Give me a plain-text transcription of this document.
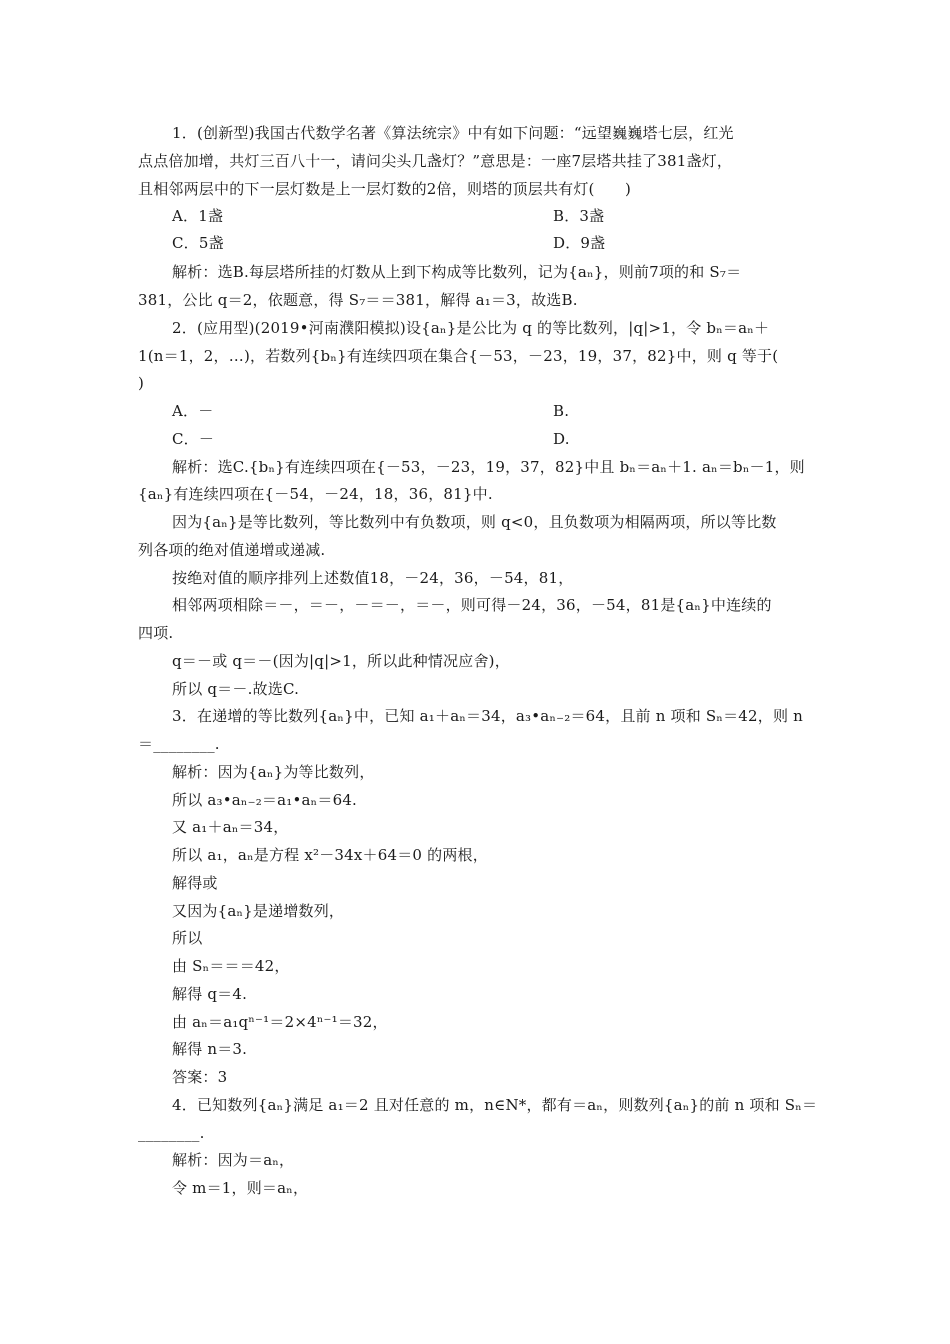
1．(创新型)我国古代数学名著《算法统宗》中有如下问题：“远望巍巍塔七层，红光
点点倍加增，共灯三百八十一，请问尖头几盏灯？”意思是：一座7层塔共挂了381盏灯，
且相邻两层中的下一层灯数是上一层灯数的2倍，则塔的顶层共有灯(　　)
A．1盏	B．3盏
C．5盏	D．9盏
解析：选B.每层塔所挂的灯数从上到下构成等比数列，记为{aₙ}，则前7项的和 S₇＝
381，公比 q＝2，依题意，得 S₇＝＝381，解得 a₁＝3，故选B.
2．(应用型)(2019•河南濮阳模拟)设{aₙ}是公比为 q 的等比数列，|q|>1，令 bₙ＝aₙ＋
1(n＝1，2，…)，若数列{bₙ}有连续四项在集合{－53，－23，19，37，82}中，则 q 等于(
)
A．－	B.
C．－	D.
解析：选C.{bₙ}有连续四项在{－53，－23，19，37，82}中且 bₙ＝aₙ＋1. aₙ＝bₙ－1，则
{aₙ}有连续四项在{－54，－24，18，36，81}中.
因为{aₙ}是等比数列，等比数列中有负数项，则 q<0，且负数项为相隔两项，所以等比数
列各项的绝对值递增或递减.
按绝对值的顺序排列上述数值18，－24，36，－54，81，
相邻两项相除＝－，＝－，－＝－，＝－，则可得－24，36，－54，81是{aₙ}中连续的
四项.
q＝－或 q＝－(因为|q|>1，所以此种情况应舍)，
所以 q＝－.故选C.
3．在递增的等比数列{aₙ}中，已知 a₁＋aₙ＝34，a₃•aₙ₋₂＝64，且前 n 项和 Sₙ＝42，则 n
＝________.
解析：因为{aₙ}为等比数列，
所以 a₃•aₙ₋₂＝a₁•aₙ＝64.
又 a₁＋aₙ＝34，
所以 a₁，aₙ是方程 x²－34x＋64＝0 的两根，
解得或
又因为{aₙ}是递增数列，
所以
由 Sₙ＝＝＝42，
解得 q＝4.
由 aₙ＝a₁qⁿ⁻¹＝2×4ⁿ⁻¹＝32，
解得 n＝3.
答案：3
4．已知数列{aₙ}满足 a₁＝2 且对任意的 m，n∈N*，都有＝aₙ，则数列{aₙ}的前 n 项和 Sₙ＝
________.
解析：因为＝aₙ，
令 m＝1，则＝aₙ，
